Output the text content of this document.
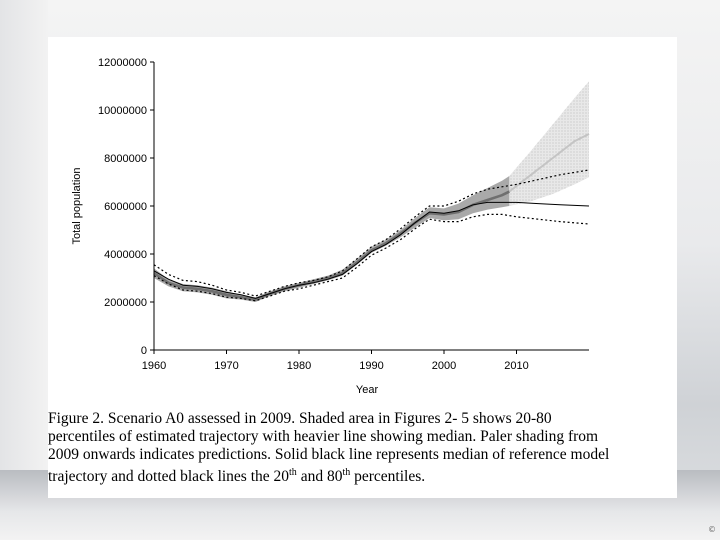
0
2000000
4000000
6000000
8000000
10000000
12000000
1960	1970	1980	1990	2000	2010
Year
Total population
Figure 2. Scenario A0 assessed in 2009. Shaded area in Figures 2- 5 shows 20-80
percentiles of estimated trajectory with heavier line showing median. Paler shading from
2009 onwards indicates predictions. Solid black line represents median of reference model
trajectory and dotted black lines the 20th and 80th percentiles.
©
